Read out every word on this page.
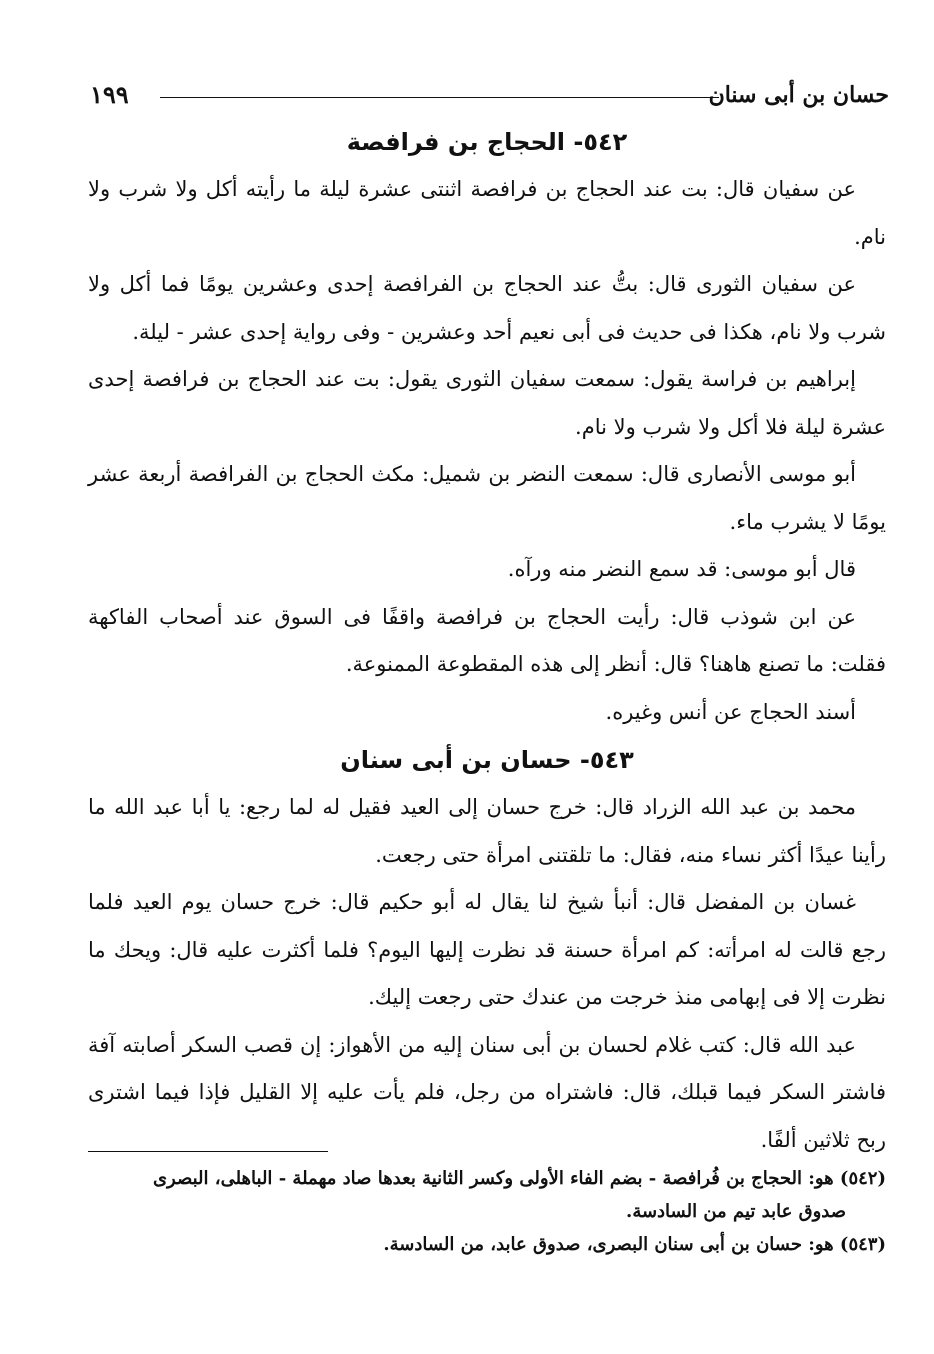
حسان بن أبى سنان
١٩٩
٥٤٢- الحجاج بن فرافصة

عن سفيان قال: بت عند الحجاج بن فرافصة اثنتى عشرة ليلة ما رأيته أكل ولا شرب ولا نام.

عن سفيان الثورى قال: بتُّ عند الحجاج بن الفرافصة إحدى وعشرين يومًا فما أكل ولا شرب ولا نام، هكذا فى حديث فى أبى نعيم أحد وعشرين - وفى رواية إحدى عشر - ليلة.

إبراهيم بن فراسة يقول: سمعت سفيان الثورى يقول: بت عند الحجاج بن فرافصة إحدى عشرة ليلة فلا أكل ولا شرب ولا نام.

أبو موسى الأنصارى قال: سمعت النضر بن شميل: مكث الحجاج بن الفرافصة أربعة عشر يومًا لا يشرب ماء.

قال أبو موسى: قد سمع النضر منه ورآه.

عن ابن شوذب قال: رأيت الحجاج بن فرافصة واقفًا فى السوق عند أصحاب الفاكهة فقلت: ما تصنع هاهنا؟ قال: أنظر إلى هذه المقطوعة الممنوعة.

أسند الحجاج عن أنس وغيره.

٥٤٣- حسان بن أبى سنان

محمد بن عبد الله الزراد قال: خرج حسان إلى العيد فقيل له لما رجع: يا أبا عبد الله ما رأينا عيدًا أكثر نساء منه، فقال: ما تلقتنى امرأة حتى رجعت.

غسان بن المفضل قال: أنبأ شيخ لنا يقال له أبو حكيم قال: خرج حسان يوم العيد فلما رجع قالت له امرأته: كم امرأة حسنة قد نظرت إليها اليوم؟ فلما أكثرت عليه قال: ويحك ما نظرت إلا فى إبهامى منذ خرجت من عندك حتى رجعت إليك.

عبد الله قال: كتب غلام لحسان بن أبى سنان إليه من الأهواز: إن قصب السكر أصابته آفة فاشتر السكر فيما قبلك، قال: فاشتراه من رجل، فلم يأت عليه إلا القليل فإذا فيما اشترى ربح ثلاثين ألفًا.

(٥٤٢) هو: الحجاج بن فُرافصة - بضم الفاء الأولى وكسر الثانية بعدها صاد مهملة - الباهلى، البصرى

صدوق عابد تيم من السادسة.

(٥٤٣) هو: حسان بن أبى سنان البصرى، صدوق عابد، من السادسة.
